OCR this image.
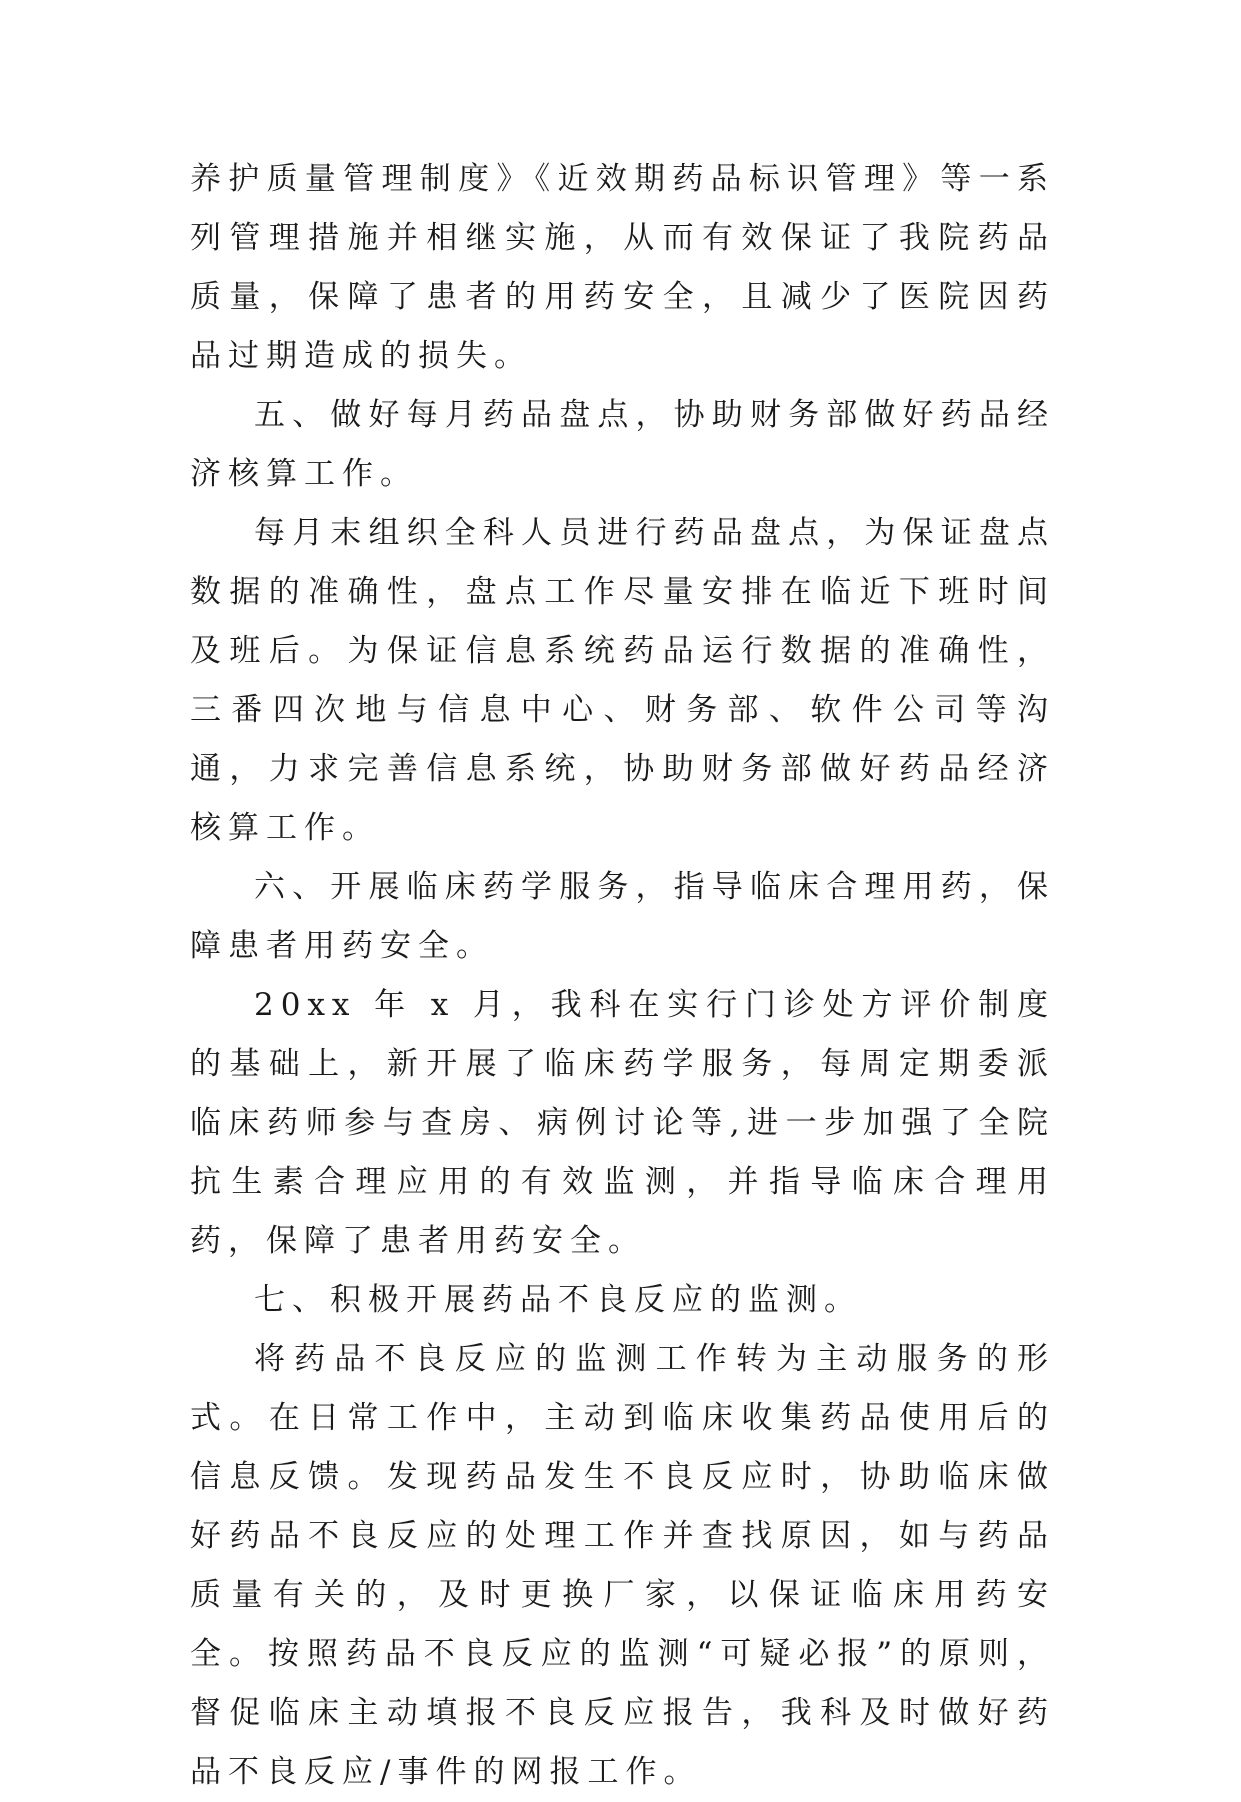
养护质量管理制度》《近效期药品标识管理》等一系列管理措施并相继实施，从而有效保证了我院药品质量，保障了患者的用药安全，且减少了医院因药品过期造成的损失。

五、做好每月药品盘点，协助财务部做好药品经济核算工作。

每月末组织全科人员进行药品盘点，为保证盘点数据的准确性，盘点工作尽量安排在临近下班时间及班后。为保证信息系统药品运行数据的准确性，三番四次地与信息中心、财务部、软件公司等沟通，力求完善信息系统，协助财务部做好药品经济核算工作。

六、开展临床药学服务，指导临床合理用药，保障患者用药安全。

20xx 年 x 月，我科在实行门诊处方评价制度的基础上，新开展了临床药学服务，每周定期委派临床药师参与查房、病例讨论等,进一步加强了全院抗生素合理应用的有效监测，并指导临床合理用药，保障了患者用药安全。

七、积极开展药品不良反应的监测。

将药品不良反应的监测工作转为主动服务的形式。在日常工作中，主动到临床收集药品使用后的信息反馈。发现药品发生不良反应时，协助临床做好药品不良反应的处理工作并查找原因，如与药品质量有关的，及时更换厂家，以保证临床用药安全。按照药品不良反应的监测“可疑必报”的原则，督促临床主动填报不良反应报告，我科及时做好药品不良反应/事件的网报工作。
